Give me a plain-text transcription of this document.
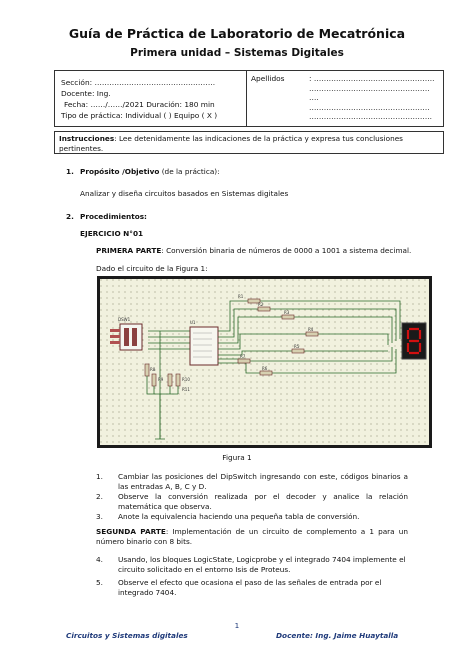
Guía de Práctica de Laboratorio de Mecatrónica
Primera unidad – Sistemas Digitales
Sección: ………………………………………….
Docente: Ing.
Fecha: ……/……/2021 Duración: 180 min
Tipo de práctica: Individual ( ) Equipo ( X )
Apellidos	: ………………………………………….
………………………………………….
….
………………………………………….
…………………………………………..
Instrucciones: Lee detenidamente las indicaciones de la práctica y expresa tus conclusiones pertinentes.
1. Propósito /Objetivo (de la práctica):
Analizar y diseña circuitos basados en Sistemas digitales
2. Procedimientos:
EJERCICIO N°01
PRIMERA PARTE: Conversión binaria de números de 0000 a 1001 a sistema decimal.
Dado el circuito de la Figura 1:
DSW1
R8
R9	R10
R11
U1
R1
R2
R3
R4
R5
R7
R6
Figura 1
1.	Cambiar las posiciones del DipSwitch ingresando con este, códigos binarios a las entradas A, B, C y D.
2.	Observe la conversión realizada por el decoder y analice la relación matemática que observa.
3.	Anote la equivalencia haciendo una pequeña tabla de conversión.
SEGUNDA PARTE: Implementación de un circuito de complemento a 1 para un número binario con 8 bits.
4.	Usando, los bloques LogicState, Logicprobe y el integrado 7404 implemente el circuito solicitado en el entorno Isis de Proteus.
5.	Observe el efecto que ocasiona el paso de las señales de entrada por el integrado 7404.
1
Circuitos y Sistemas digitales	Docente: Ing. Jaime Huaytalla
